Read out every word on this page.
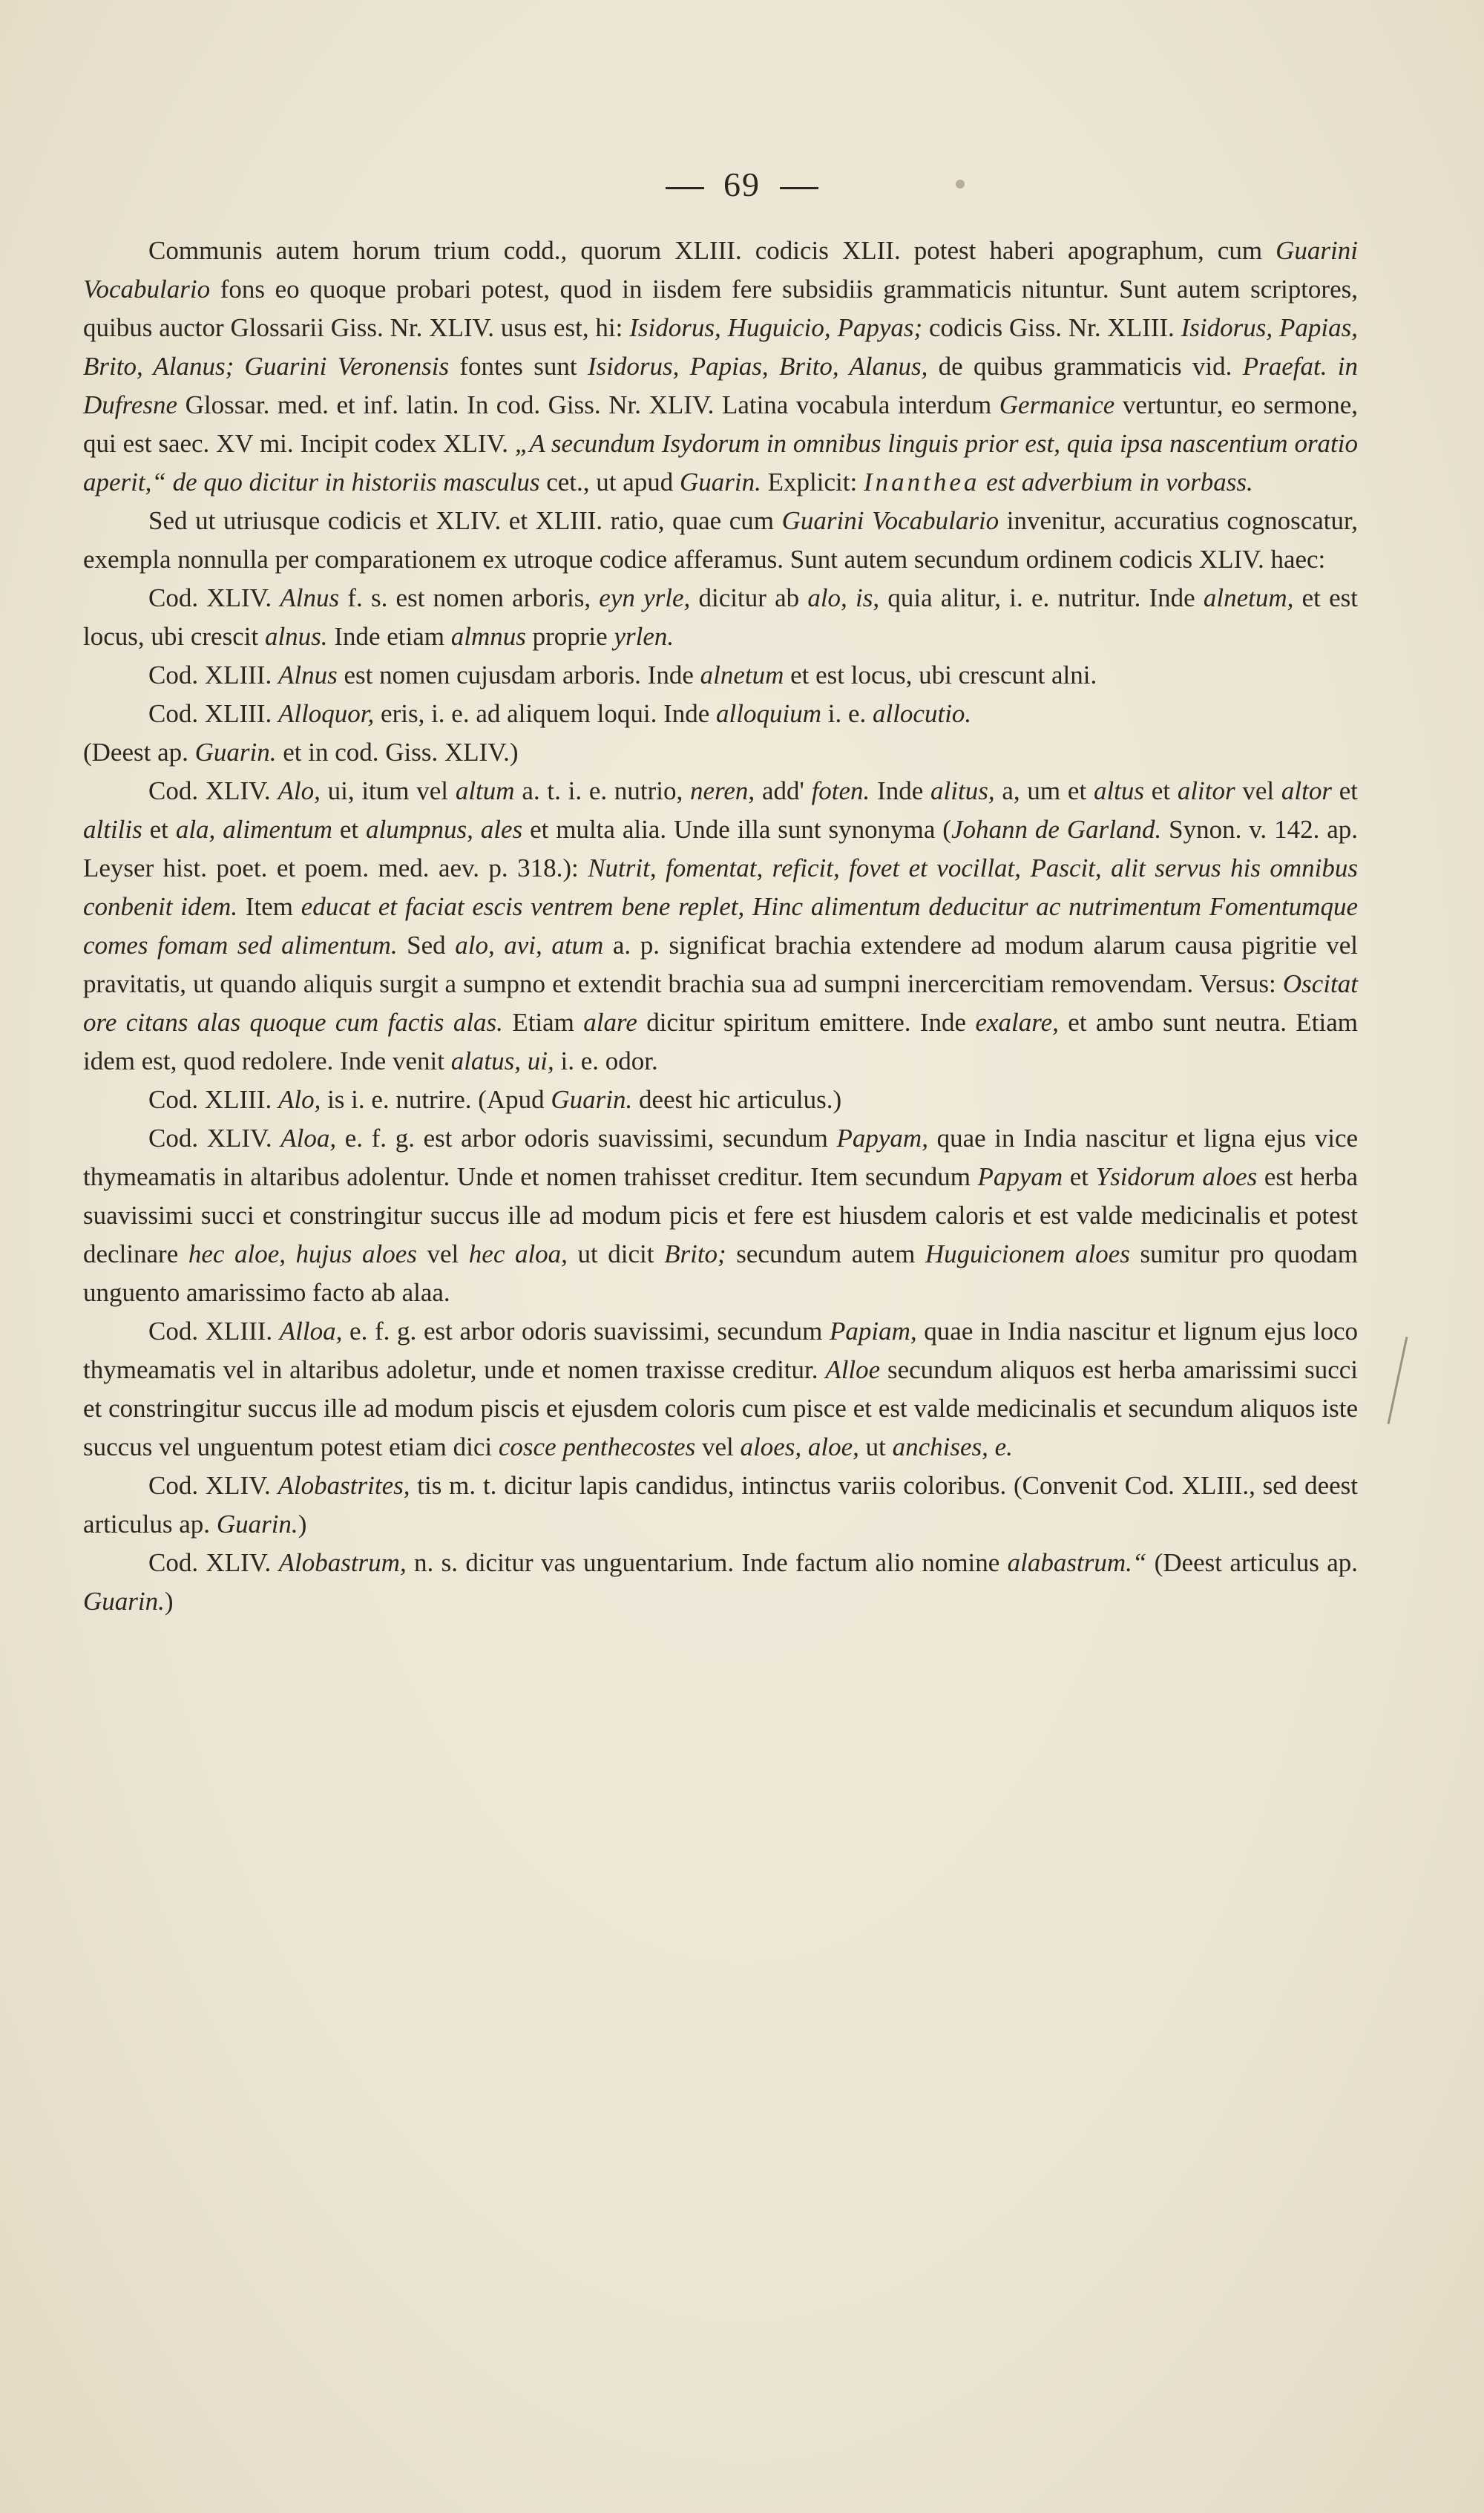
69

Communis autem horum trium codd., quorum XLIII. codicis XLII. potest haberi apographum, cum Guarini Vocabulario fons eo quoque probari potest, quod in iisdem fere subsidiis grammaticis nituntur. Sunt autem scriptores, quibus auctor Glossarii Giss. Nr. XLIV. usus est, hi: Isidorus, Huguicio, Papyas; codicis Giss. Nr. XLIII. Isidorus, Papias, Brito, Alanus; Guarini Veronensis fontes sunt Isidorus, Papias, Brito, Alanus, de quibus grammaticis vid. Praefat. in Dufresne Glossar. med. et inf. latin. In cod. Giss. Nr. XLIV. Latina vocabula interdum Germanice vertuntur, eo sermone, qui est saec. XV mi. Incipit codex XLIV. „A secundum Isydorum in omnibus linguis prior est, quia ipsa nascentium oratio aperit,“ de quo dicitur in historiis masculus cet., ut apud Guarin. Explicit: Inanthea est adverbium in vorbass.

Sed ut utriusque codicis et XLIV. et XLIII. ratio, quae cum Guarini Vocabulario invenitur, accuratius cognoscatur, exempla nonnulla per comparationem ex utroque codice afferamus. Sunt autem secundum ordinem codicis XLIV. haec:

Cod. XLIV. Alnus f. s. est nomen arboris, eyn yrle, dicitur ab alo, is, quia alitur, i. e. nutritur. Inde alnetum, et est locus, ubi crescit alnus. Inde etiam almnus proprie yrlen.

Cod. XLIII. Alnus est nomen cujusdam arboris. Inde alnetum et est locus, ubi crescunt alni.

Cod. XLIII. Alloquor, eris, i. e. ad aliquem loqui. Inde alloquium i. e. allocutio.

(Deest ap. Guarin. et in cod. Giss. XLIV.)

Cod. XLIV. Alo, ui, itum vel altum a. t. i. e. nutrio, neren, add' foten. Inde alitus, a, um et altus et alitor vel altor et altilis et ala, alimentum et alumpnus, ales et multa alia. Unde illa sunt synonyma (Johann de Garland. Synon. v. 142. ap. Leyser hist. poet. et poem. med. aev. p. 318.): Nutrit, fomentat, reficit, fovet et vocillat, Pascit, alit servus his omnibus conbenit idem. Item educat et faciat escis ventrem bene replet, Hinc alimentum deducitur ac nutrimentum Fomentumque comes fomam sed alimentum. Sed alo, avi, atum a. p. significat brachia extendere ad modum alarum causa pigritie vel pravitatis, ut quando aliquis surgit a sumpno et extendit brachia sua ad sumpni inercercitiam removendam. Versus: Oscitat ore citans alas quoque cum factis alas. Etiam alare dicitur spiritum emittere. Inde exalare, et ambo sunt neutra. Etiam idem est, quod redolere. Inde venit alatus, ui, i. e. odor.

Cod. XLIII. Alo, is i. e. nutrire. (Apud Guarin. deest hic articulus.)

Cod. XLIV. Aloa, e. f. g. est arbor odoris suavissimi, secundum Papyam, quae in India nascitur et ligna ejus vice thymeamatis in altaribus adolentur. Unde et nomen trahisset creditur. Item secundum Papyam et Ysidorum aloes est herba suavissimi succi et constringitur succus ille ad modum picis et fere est hiusdem caloris et est valde medicinalis et potest declinare hec aloe, hujus aloes vel hec aloa, ut dicit Brito; secundum autem Huguicionem aloes sumitur pro quodam unguento amarissimo facto ab alaa.

Cod. XLIII. Alloa, e. f. g. est arbor odoris suavissimi, secundum Papiam, quae in India nascitur et lignum ejus loco thymeamatis vel in altaribus adoletur, unde et nomen traxisse creditur. Alloe secundum aliquos est herba amarissimi succi et constringitur succus ille ad modum piscis et ejusdem coloris cum pisce et est valde medicinalis et secundum aliquos iste succus vel unguentum potest etiam dici cosce penthecostes vel aloes, aloe, ut anchises, e.

Cod. XLIV. Alobastrites, tis m. t. dicitur lapis candidus, intinctus variis coloribus. (Convenit Cod. XLIII., sed deest articulus ap. Guarin.)

Cod. XLIV. Alobastrum, n. s. dicitur vas unguentarium. Inde factum alio nomine alabastrum.“ (Deest articulus ap. Guarin.)
